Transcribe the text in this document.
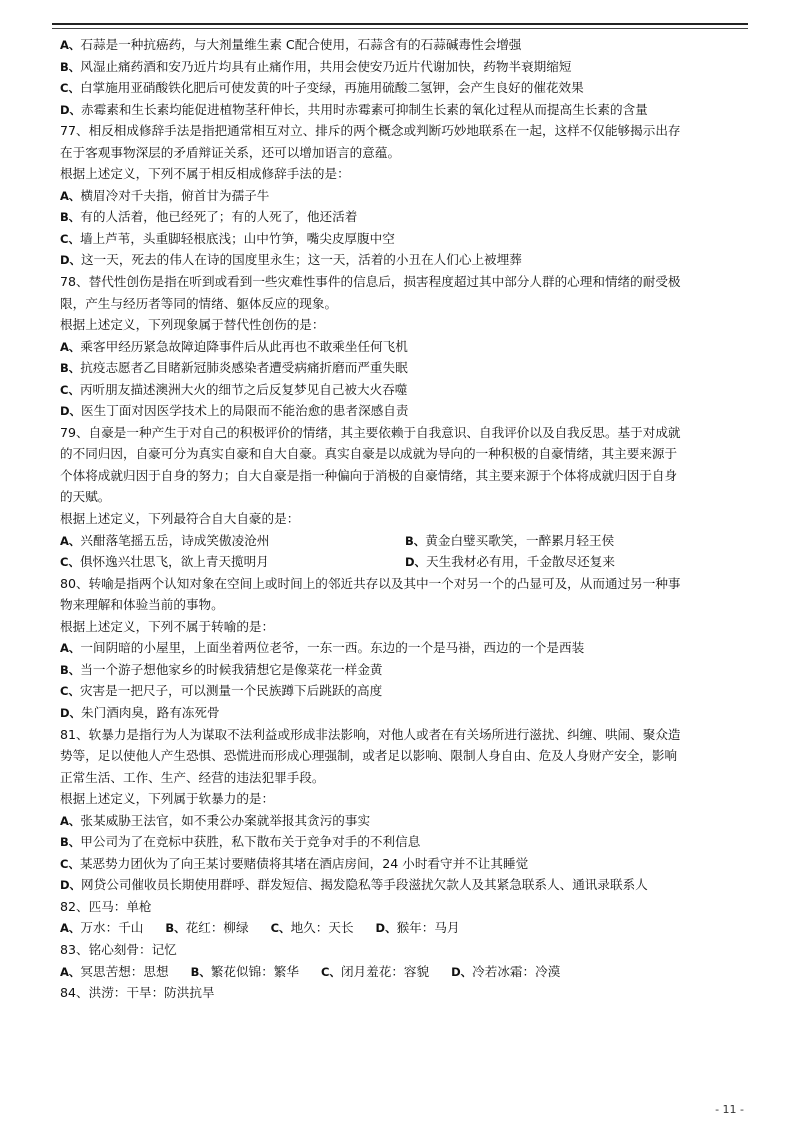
A、石蒜是一种抗癌药，与大剂量维生素 C配合使用，石蒜含有的石蒜碱毒性会增强
B、风湿止痛药酒和安乃近片均具有止痛作用，共用会使安乃近片代谢加快，药物半衰期缩短
C、白掌施用亚硝酸铁化肥后可使发黄的叶子变绿，再施用硫酸二氢钾，会产生良好的催花效果
D、赤霉素和生长素均能促进植物茎秆伸长，共用时赤霉素可抑制生长素的氧化过程从而提高生长素的含量
77、相反相成修辞手法是指把通常相互对立、排斥的两个概念或判断巧妙地联系在一起，这样不仅能够揭示出存
在于客观事物深层的矛盾辩证关系，还可以增加语言的意蕴。
根据上述定义，下列不属于相反相成修辞手法的是：
A、横眉冷对千夫指，俯首甘为孺子牛
B、有的人活着，他已经死了；有的人死了，他还活着
C、墙上芦苇，头重脚轻根底浅；山中竹笋，嘴尖皮厚腹中空
D、这一天，死去的伟人在诗的国度里永生；这一天，活着的小丑在人们心上被埋葬
78、替代性创伤是指在听到或看到一些灾难性事件的信息后，损害程度超过其中部分人群的心理和情绪的耐受极
限，产生与经历者等同的情绪、躯体反应的现象。
根据上述定义，下列现象属于替代性创伤的是：
A、乘客甲经历紧急故障迫降事件后从此再也不敢乘坐任何飞机
B、抗疫志愿者乙目睹新冠肺炎感染者遭受病痛折磨而严重失眠
C、丙听朋友描述澳洲大火的细节之后反复梦见自己被大火吞噬
D、医生丁面对因医学技术上的局限而不能治愈的患者深感自责
79、自豪是一种产生于对自己的积极评价的情绪，其主要依赖于自我意识、自我评价以及自我反思。基于对成就
的不同归因，自豪可分为真实自豪和自大自豪。真实自豪是以成就为导向的一种积极的自豪情绪，其主要来源于
个体将成就归因于自身的努力；自大自豪是指一种偏向于消极的自豪情绪，其主要来源于个体将成就归因于自身
的天赋。
根据上述定义，下列最符合自大自豪的是：
A、兴酣落笔摇五岳，诗成笑傲凌沧州	B、黄金白璧买歌笑，一醉累月轻王侯
C、俱怀逸兴壮思飞，欲上青天揽明月	D、天生我材必有用，千金散尽还复来
80、转喻是指两个认知对象在空间上或时间上的邻近共存以及其中一个对另一个的凸显可及，从而通过另一种事
物来理解和体验当前的事物。
根据上述定义，下列不属于转喻的是：
A、一间阴暗的小屋里，上面坐着两位老爷，一东一西。东边的一个是马褂，西边的一个是西装
B、当一个游子想他家乡的时候我猜想它是像菜花一样金黄
C、灾害是一把尺子，可以测量一个民族蹲下后跳跃的高度
D、朱门酒肉臭，路有冻死骨
81、软暴力是指行为人为谋取不法利益或形成非法影响，对他人或者在有关场所进行滋扰、纠缠、哄闹、聚众造
势等，足以使他人产生恐惧、恐慌进而形成心理强制，或者足以影响、限制人身自由、危及人身财产安全，影响
正常生活、工作、生产、经营的违法犯罪手段。
根据上述定义，下列属于软暴力的是：
A、张某威胁王法官，如不秉公办案就举报其贪污的事实
B、甲公司为了在竞标中获胜，私下散布关于竞争对手的不利信息
C、某恶势力团伙为了向王某讨要赌债将其堵在酒店房间，24 小时看守并不让其睡觉
D、网贷公司催收员长期使用群呼、群发短信、揭发隐私等手段滋扰欠款人及其紧急联系人、通讯录联系人
82、匹马：单枪
A、万水：千山 B、花红：柳绿 C、地久：天长 D、猴年：马月
83、铭心刻骨：记忆
A、冥思苦想：思想 B、繁花似锦：繁华 C、闭月羞花：容貌 D、冷若冰霜：冷漠
84、洪涝：干旱：防洪抗旱
- 11 -
